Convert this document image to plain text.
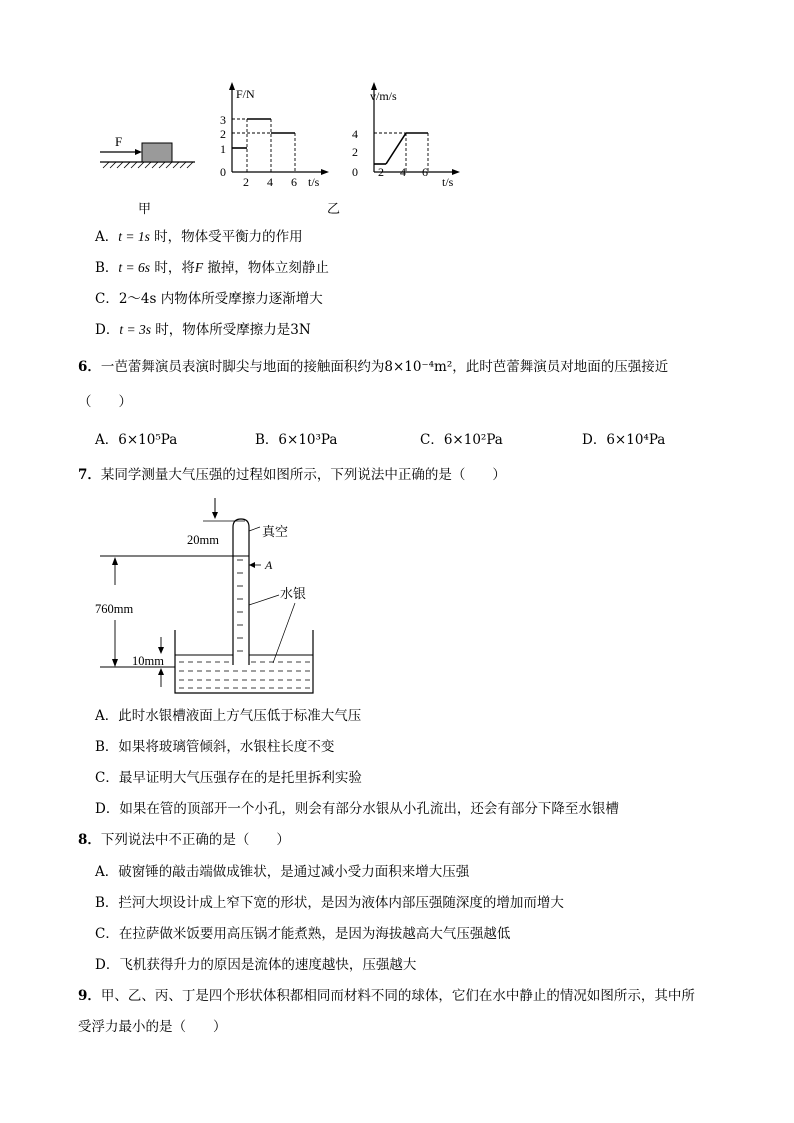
F
F/N
3
2
1
0
2 4 6 t/s
v/m/s
4
2
0 2 4 6
t/s
甲	乙
A．t = 1s 时，物体受平衡力的作用
B．t = 6s 时，将F 撤掉，物体立刻静止
C．2～4s 内物体所受摩擦力逐渐增大
D．t = 3s 时，物体所受摩擦力是3N
6．一芭蕾舞演员表演时脚尖与地面的接触面积约为8×10⁻⁴m²，此时芭蕾舞演员对地面的压强接近
（　　）
A．6×10⁵Pa	B．6×10³Pa	C．6×10²Pa	D．6×10⁴Pa
7．某同学测量大气压强的过程如图所示，下列说法中正确的是（　　）
20mm
真空
A
760mm
水银
10mm
A．此时水银槽液面上方气压低于标准大气压
B．如果将玻璃管倾斜，水银柱长度不变
C．最早证明大气压强存在的是托里拆利实验
D．如果在管的顶部开一个小孔，则会有部分水银从小孔流出，还会有部分下降至水银槽
8．下列说法中不正确的是（　　）
A．破窗锤的敲击端做成锥状，是通过减小受力面积来增大压强
B．拦河大坝设计成上窄下宽的形状，是因为液体内部压强随深度的增加而增大
C．在拉萨做米饭要用高压锅才能煮熟，是因为海拔越高大气压强越低
D．飞机获得升力的原因是流体的速度越快，压强越大
9．甲、乙、丙、丁是四个形状体积都相同而材料不同的球体，它们在水中静止的情况如图所示，其中所
受浮力最小的是（　　）
